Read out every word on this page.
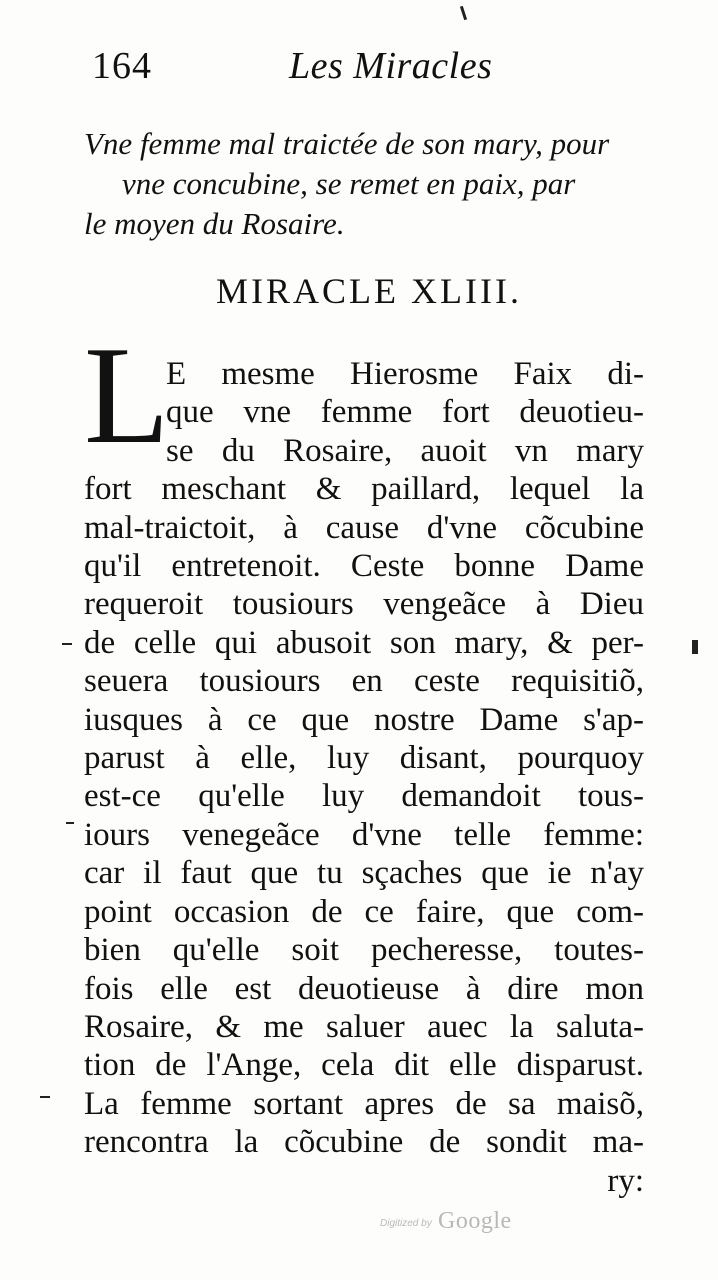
164	Les Miracles
Vne femme mal traictée de son mary, pour
vne concubine, se remet en paix, par
le moyen du Rosaire.
MIRACLE XLIII.
L
E mesme Hierosme Faix di-
que vne femme fort deuotieu-
se du Rosaire, auoit vn mary
fort meschant & paillard, lequel la
mal-traictoit, à cause d'vne cõcubine
qu'il entretenoit. Ceste bonne Dame
requeroit tousiours vengeãce à Dieu
de celle qui abusoit son mary, & per-
seuera tousiours en ceste requisitiõ,
iusques à ce que nostre Dame s'ap-
parust à elle, luy disant, pourquoy
est-ce qu'elle luy demandoit tous-
iours venegeãce d'vne telle femme:
car il faut que tu sçaches que ie n'ay
point occasion de ce faire, que com-
bien qu'elle soit pecheresse, toutes-
fois elle est deuotieuse à dire mon
Rosaire, & me saluer auec la saluta-
tion de l'Ange, cela dit elle disparust.
La femme sortant apres de sa maisõ,
rencontra la cõcubine de sondit ma-
ry:
Digitized by Google
